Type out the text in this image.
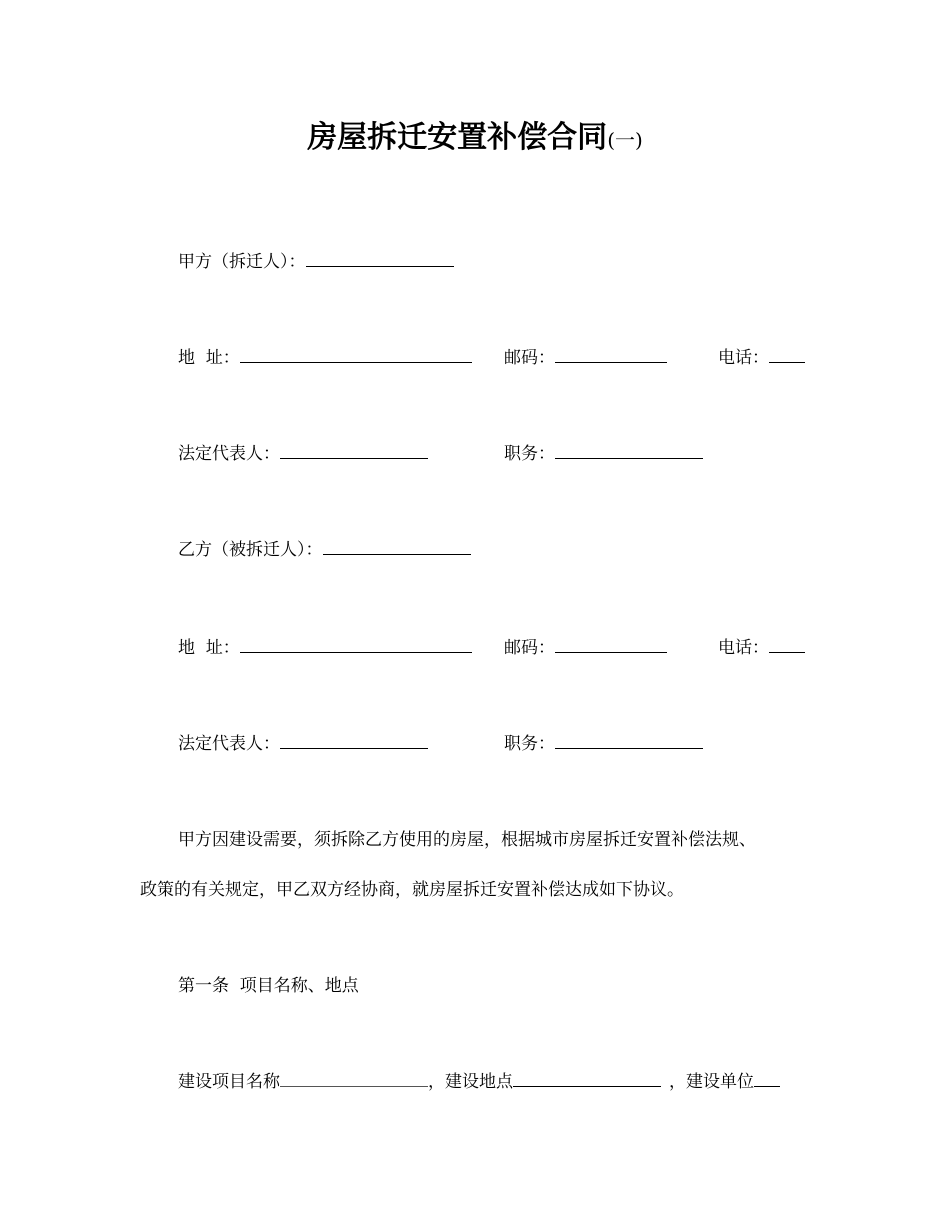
房屋拆迁安置补偿合同(一)
甲方（拆迁人）：
地  址：	邮码：	电话：
法定代表人：	职务：
乙方（被拆迁人）：
地  址：	邮码：	电话：
法定代表人：	职务：
甲方因建设需要，须拆除乙方使用的房屋，根据城市房屋拆迁安置补偿法规、
政策的有关规定，甲乙双方经协商，就房屋拆迁安置补偿达成如下协议。
第一条  项目名称、地点
建设项目名称	，建设地点	，建设单位
